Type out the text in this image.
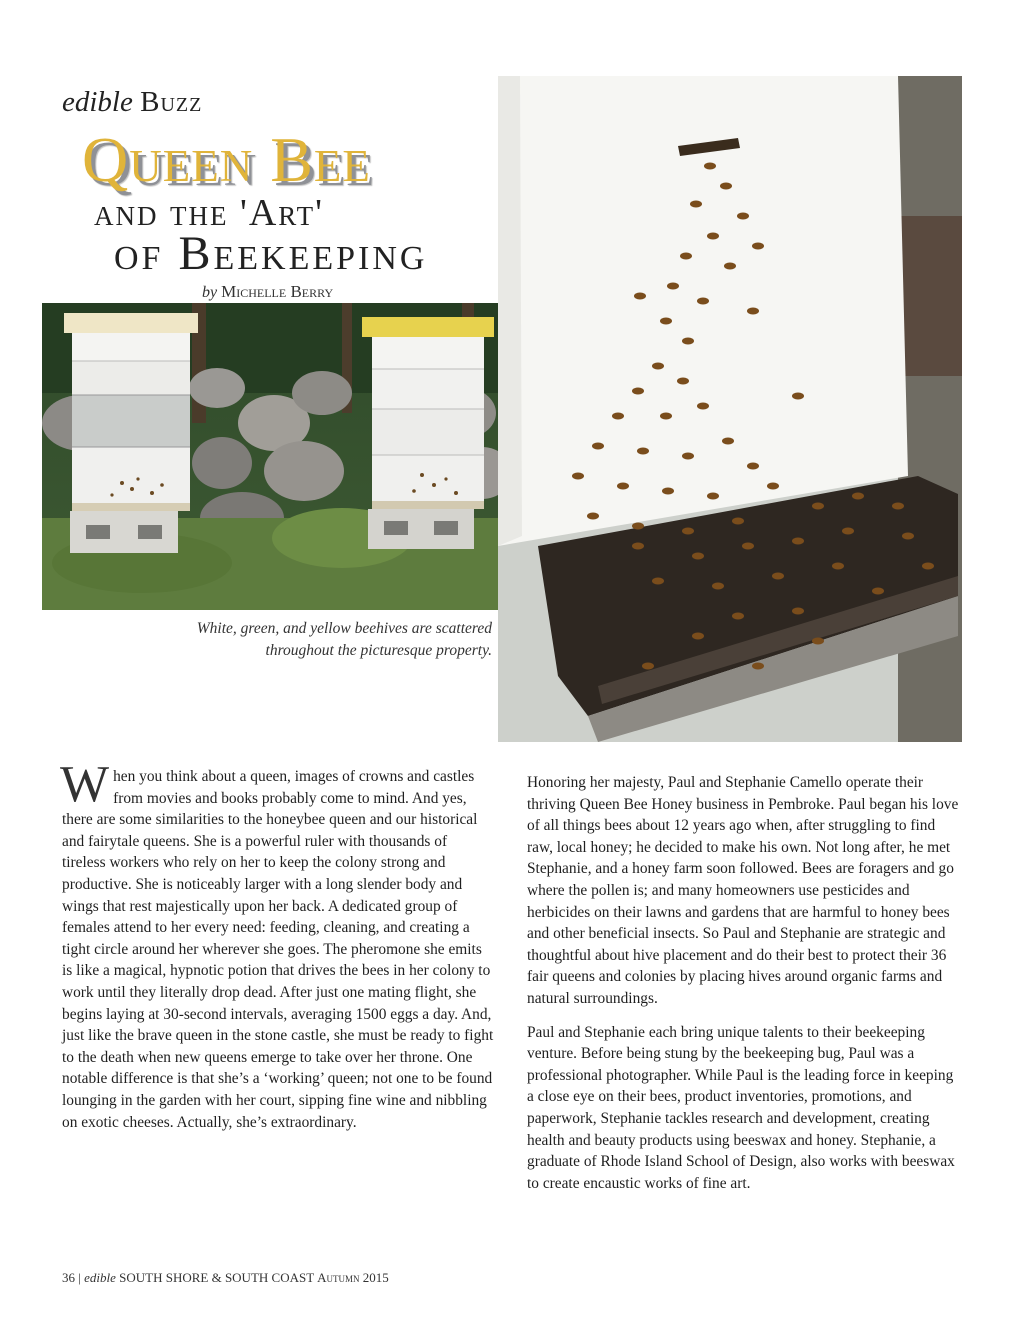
edible Buzz
Queen Bee
and the 'Art'
of Beekeeping
by Michelle Berry
White, green, and yellow beehives are scattered
throughout the picturesque property.

When you think about a queen, images of crowns and castles from movies and books probably come to mind. And yes, there are some similarities to the honeybee queen and our historical and fairytale queens. She is a powerful ruler with thousands of tireless workers who rely on her to keep the colony strong and productive. She is noticeably larger with a long slender body and wings that rest majestically upon her back. A dedicated group of females attend to her every need: feeding, cleaning, and creating a tight circle around her wherever she goes. The pheromone she emits is like a magical, hypnotic potion that drives the bees in her colony to work until they literally drop dead. After just one mating flight, she begins laying at 30-second intervals, averaging 1500 eggs a day. And, just like the brave queen in the stone castle, she must be ready to fight to the death when new queens emerge to take over her throne. One notable difference is that she’s a ‘working’ queen; not one to be found lounging in the garden with her court, sipping fine wine and nibbling on exotic cheeses. Actually, she’s extraordinary.

Honoring her majesty, Paul and Stephanie Camello operate their thriving Queen Bee Honey business in Pembroke. Paul began his love of all things bees about 12 years ago when, after struggling to find raw, local honey; he decided to make his own. Not long after, he met Stephanie, and a honey farm soon followed. Bees are foragers and go where the pollen is; and many homeowners use pesticides and herbicides on their lawns and gardens that are harmful to honey bees and other beneficial insects. So Paul and Stephanie are strategic and thoughtful about hive placement and do their best to protect their 36 fair queens and colonies by placing hives around organic farms and natural surroundings.

Paul and Stephanie each bring unique talents to their beekeeping venture. Before being stung by the beekeeping bug, Paul was a professional photographer. While Paul is the leading force in keeping a close eye on their bees, product inventories, promotions, and paperwork, Stephanie tackles research and development, creating health and beauty products using beeswax and honey. Stephanie, a graduate of Rhode Island School of Design, also works with beeswax to create encaustic works of fine art.

36 | edible SOUTH SHORE & SOUTH COAST Autumn 2015
